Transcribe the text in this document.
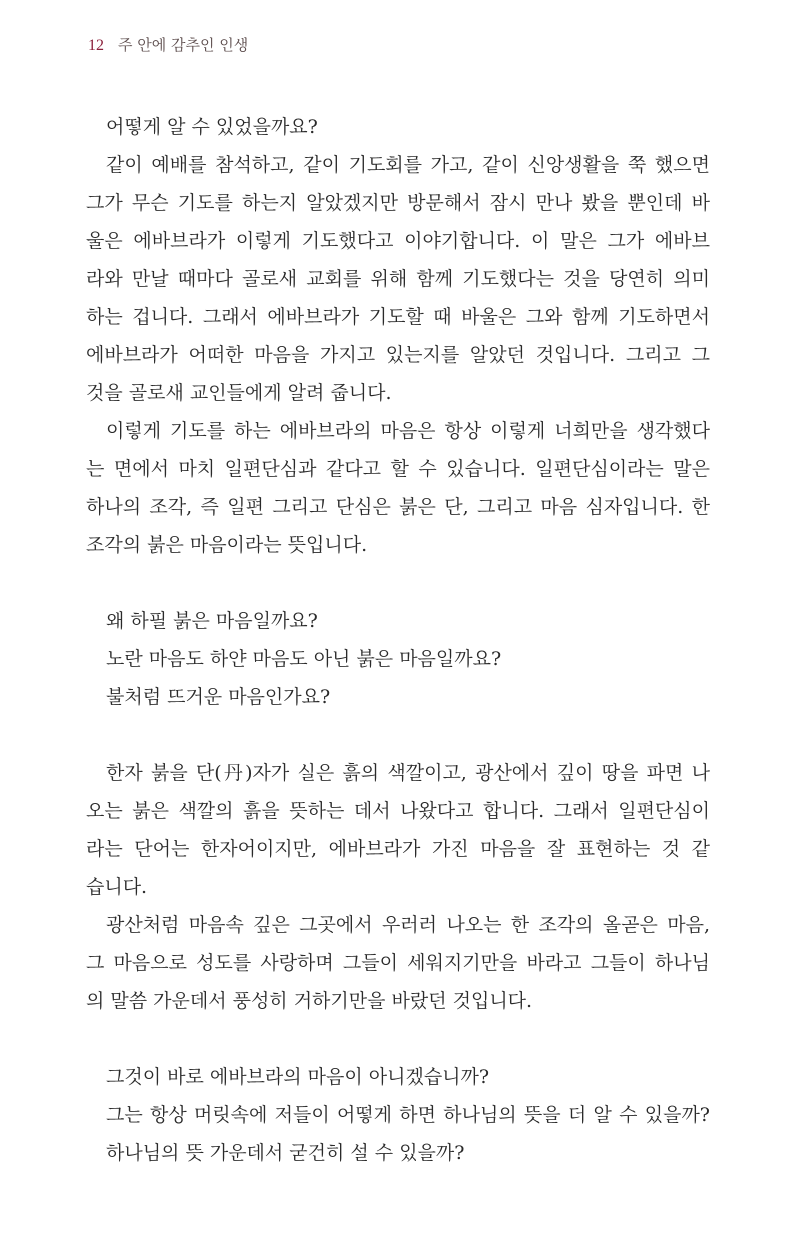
12 주 안에 감추인 인생
어떻게 알 수 있었을까요?
같이 예배를 참석하고, 같이 기도회를 가고, 같이 신앙생활을 쭉 했으면
그가 무슨 기도를 하는지 알았겠지만 방문해서 잠시 만나 봤을 뿐인데 바
울은 에바브라가 이렇게 기도했다고 이야기합니다. 이 말은 그가 에바브
라와 만날 때마다 골로새 교회를 위해 함께 기도했다는 것을 당연히 의미
하는 겁니다. 그래서 에바브라가 기도할 때 바울은 그와 함께 기도하면서
에바브라가 어떠한 마음을 가지고 있는지를 알았던 것입니다. 그리고 그
것을 골로새 교인들에게 알려 줍니다.
이렇게 기도를 하는 에바브라의 마음은 항상 이렇게 너희만을 생각했다
는 면에서 마치 일편단심과 같다고 할 수 있습니다. 일편단심이라는 말은
하나의 조각, 즉 일편 그리고 단심은 붉은 단, 그리고 마음 심자입니다. 한
조각의 붉은 마음이라는 뜻입니다.
왜 하필 붉은 마음일까요?
노란 마음도 하얀 마음도 아닌 붉은 마음일까요?
불처럼 뜨거운 마음인가요?
한자 붉을 단(丹)자가 실은 흙의 색깔이고, 광산에서 깊이 땅을 파면 나
오는 붉은 색깔의 흙을 뜻하는 데서 나왔다고 합니다. 그래서 일편단심이
라는 단어는 한자어이지만, 에바브라가 가진 마음을 잘 표현하는 것 같
습니다.
광산처럼 마음속 깊은 그곳에서 우러러 나오는 한 조각의 올곧은 마음,
그 마음으로 성도를 사랑하며 그들이 세워지기만을 바라고 그들이 하나님
의 말씀 가운데서 풍성히 거하기만을 바랐던 것입니다.
그것이 바로 에바브라의 마음이 아니겠습니까?
그는 항상 머릿속에 저들이 어떻게 하면 하나님의 뜻을 더 알 수 있을까?
하나님의 뜻 가운데서 굳건히 설 수 있을까?
